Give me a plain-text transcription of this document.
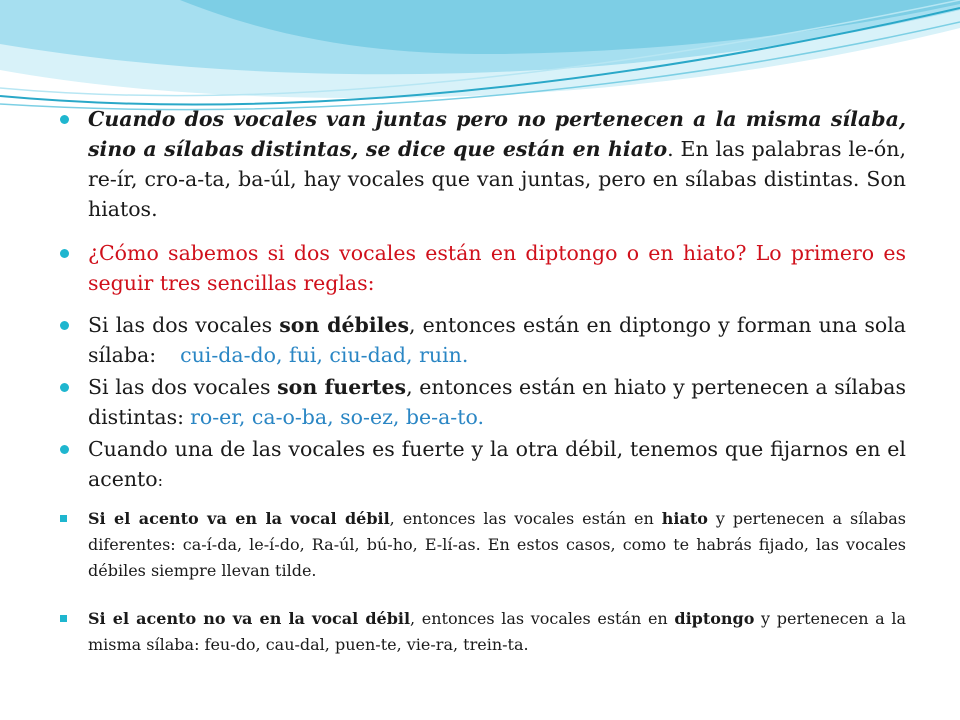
Cuando dos vocales van juntas pero no pertenecen a la misma sílaba, sino a sílabas distintas, se dice que están en hiato. En las palabras le-ón, re-ír, cro-a-ta, ba-úl, hay vocales que van juntas, pero en sílabas distintas. Son hiatos.
¿Cómo sabemos si dos vocales están en diptongo o en hiato? Lo primero es seguir tres sencillas reglas:
Si las dos vocales son débiles, entonces están en diptongo y forman una sola sílaba: cui-da-do, fui, ciu-dad, ruin.
Si las dos vocales son fuertes, entonces están en hiato y pertenecen a sílabas distintas: ro-er, ca-o-ba, so-ez, be-a-to.
Cuando una de las vocales es fuerte y la otra débil, tenemos que fijarnos en el acento:
Si el acento va en la vocal débil, entonces las vocales están en hiato y pertenecen a sílabas diferentes: ca-í-da, le-í-do, Ra-úl, bú-ho, E-lí-as. En estos casos, como te habrás fijado, las vocales débiles siempre llevan tilde.
Si el acento no va en la vocal débil, entonces las vocales están en diptongo y pertenecen a la misma sílaba: feu-do, cau-dal, puen-te, vie-ra, trein-ta.
